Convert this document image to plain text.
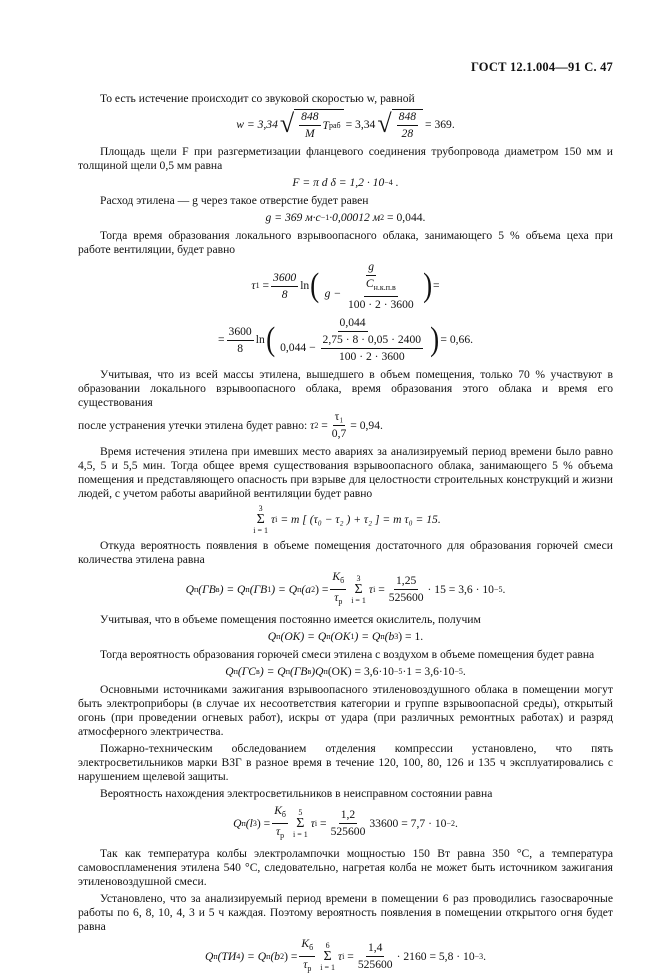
ГОСТ 12.1.004—91 С. 47

То есть истечение происходит со звуковой скоростью w, равной

w = 3,34 √ $\frac{848}{M}$ T раб = 3,34 √ $\frac{848}{28} = 369$.

Площадь щели F при разгерметизации фланцевого соединения трубопровода диаметром 150 мм и толщиной щели 0,5 мм равна

F = π d δ = 1,2 · 10 −4
.

Расход этилена — g через такое отверстие будет равен

g = 369 м·с −1 ·0,00012 м 2
= 0,044.

Тогда время образования локального взрывоопасного облака, занимающего 5 % объема цеха при работе вентиляции, будет равно

τ 1
= $\frac{3600}{8}$ ln ( $\frac{g}{g - \frac{C_{н.к.п.в}}{100 \cdot 2 \cdot 3600}}$ ) =
= $\frac{3600}{8}$ ln ( $\frac{0,044}{0,044 - \frac{2,75 \cdot 8 \cdot 0,05 \cdot 2400}{100 \cdot 2 \cdot 3600}}$ ) = 0,66.

Учитывая, что из всей массы этилена, вышедшего в объем помещения, только 70 % участвуют в образовании локального взрывоопасного облака, время образования этого облака и время его существования

после устранения утечки этилена будет равно:
τ 2
= $\frac{\text{τ₁}}{0,7} = 0,94$.

Время истечения этилена при имевших место авариях за анализируемый период времени было равно 4,5, 5 и 5,5 мин. Тогда общее время существования взрывоопасного облака, занимающего 5 % объема помещения и представляющего опасность при взрыве для целостности строительных конструкций и жизни людей, с учетом работы аварийной вентиляции будет равно

3
Σ
i = 1
τ i
= m [ (τ₀ − τ₂ ) + τ₂ ] = m τ₀ = 15.

Откуда вероятность появления в объеме помещения достаточного для образования горючей смеси количества этилена равна

Q п (ГВ в ) = Q п (ГВ 1 ) = Q п (a 2 ) = $\frac{K_б}{\tau_р} 3$
Σ
i = 1
τ i
= $\frac{1,25}{525600} \cdot 15 = 3,6 \cdot 10 -5$ .

Учитывая, что в объеме помещения постоянно имеется окислитель, получим

Q п (ОК) = Q п (ОК 1 ) = Q п (b 3 ) = 1.

Тогда вероятность образования горючей смеси этилена с воздухом в объеме помещения будет равна

Q п (ГС в ) = Q п (ГВ в )Q п (ОК) = 3,6·10 −5 ·1 = 3,6·10 −5 .

Основными источниками зажигания взрывоопасного этиленовоздушного облака в помещении могут быть электроприборы (в случае их несоответствия категории и группе взрывоопасной среды), открытый огонь (при проведении огневых работ), искры от удара (при различных ремонтных работах) и разряд атмосферного электричества.

Пожарно-техническим обследованием отделения компрессии установлено, что пять электросветильников марки ВЗГ в разное время в течение 120, 100, 80, 126 и 135 ч эксплуатировались с нарушением щелевой защиты.

Вероятность нахождения электросветильников в неисправном состоянии равна

Q п (l 3 ) = $\frac{K_б}{\tau_р} 5$
Σ
i = 1
τ i
= $\frac{1,2}{525600} 33600 = 7,7 \cdot 10 -2$ .

Так как температура колбы электролампочки мощностью 150 Вт равна 350 °С, а температура самовоспламенения этилена 540 °С, следовательно, нагретая колба не может быть источником зажигания этиленовоздушной смеси.

Установлено, что за анализируемый период времени в помещении 6 раз проводились газосварочные работы по 6, 8, 10, 4, 3 и 5 ч каждая. Поэтому вероятность появления в помещении открытого огня будет равна

Q п (ТИ 4 ) = Q п (b 2 ) = $\frac{K_б}{\tau_р} 6$
Σ
i = 1
τ i
= $\frac{1,4}{525600} \cdot 2160 = 5,8 \cdot 10 -3$ .
